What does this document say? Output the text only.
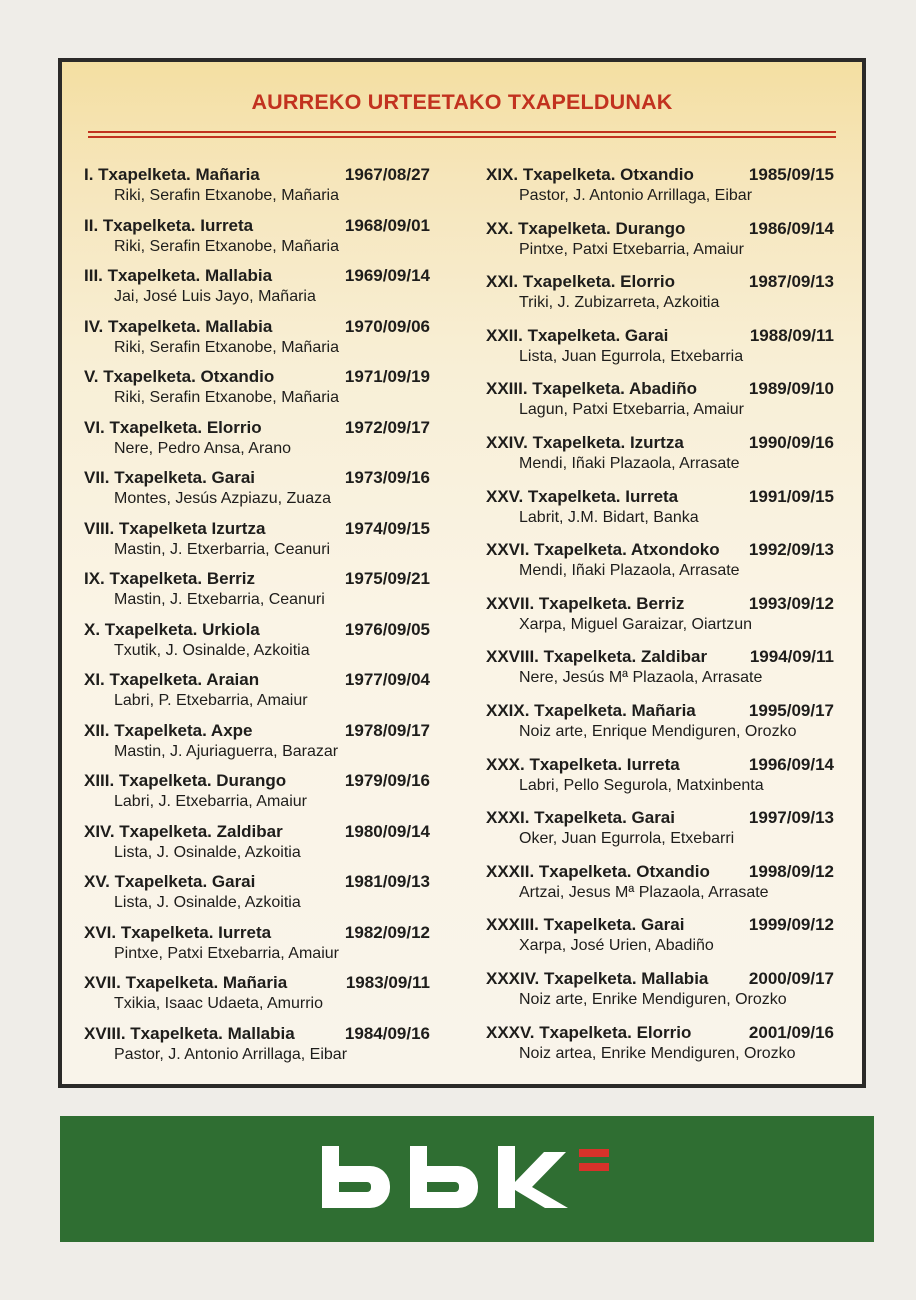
AURREKO URTEETAKO TXAPELDUNAK
I. Txapelketa. Mañaria	1967/08/27
Riki, Serafin Etxanobe, Mañaria
II. Txapelketa. Iurreta	1968/09/01
Riki, Serafin Etxanobe, Mañaria
III. Txapelketa. Mallabia	1969/09/14
Jai, José Luis Jayo, Mañaria
IV. Txapelketa. Mallabia	1970/09/06
Riki, Serafin Etxanobe, Mañaria
V. Txapelketa. Otxandio	1971/09/19
Riki, Serafin Etxanobe, Mañaria
VI. Txapelketa. Elorrio	1972/09/17
Nere, Pedro Ansa, Arano
VII. Txapelketa. Garai	1973/09/16
Montes, Jesús Azpiazu, Zuaza
VIII. Txapelketa Izurtza	1974/09/15
Mastin, J. Etxerbarria, Ceanuri
IX. Txapelketa. Berriz	1975/09/21
Mastin, J. Etxebarria, Ceanuri
X. Txapelketa. Urkiola	1976/09/05
Txutik, J. Osinalde, Azkoitia
XI. Txapelketa. Araian	1977/09/04
Labri, P. Etxebarria, Amaiur
XII. Txapelketa. Axpe	1978/09/17
Mastin, J. Ajuriaguerra, Barazar
XIII. Txapelketa. Durango	1979/09/16
Labri, J. Etxebarria, Amaiur
XIV. Txapelketa. Zaldibar	1980/09/14
Lista, J. Osinalde, Azkoitia
XV. Txapelketa. Garai	1981/09/13
Lista, J. Osinalde, Azkoitia
XVI. Txapelketa. Iurreta	1982/09/12
Pintxe, Patxi Etxebarria, Amaiur
XVII. Txapelketa. Mañaria	1983/09/11
Txikia, Isaac Udaeta, Amurrio
XVIII. Txapelketa. Mallabia	1984/09/16
Pastor, J. Antonio Arrillaga, Eibar
XIX. Txapelketa. Otxandio	1985/09/15
Pastor, J. Antonio Arrillaga, Eibar
XX. Txapelketa. Durango	1986/09/14
Pintxe, Patxi Etxebarria, Amaiur
XXI. Txapelketa. Elorrio	1987/09/13
Triki, J. Zubizarreta, Azkoitia
XXII. Txapelketa. Garai	1988/09/11
Lista, Juan Egurrola, Etxebarria
XXIII. Txapelketa. Abadiño	1989/09/10
Lagun, Patxi Etxebarria, Amaiur
XXIV. Txapelketa. Izurtza	1990/09/16
Mendi, Iñaki Plazaola, Arrasate
XXV. Txapelketa. Iurreta	1991/09/15
Labrit, J.M. Bidart, Banka
XXVI. Txapelketa. Atxondoko 1992/09/13
Mendi, Iñaki Plazaola, Arrasate
XXVII. Txapelketa. Berriz	1993/09/12
Xarpa, Miguel Garaizar, Oiartzun
XXVIII. Txapelketa. Zaldibar	1994/09/11
Nere, Jesús Mª Plazaola, Arrasate
XXIX. Txapelketa. Mañaria	1995/09/17
Noiz arte, Enrique Mendiguren, Orozko
XXX. Txapelketa. Iurreta	1996/09/14
Labri, Pello Segurola, Matxinbenta
XXXI. Txapelketa. Garai	1997/09/13
Oker, Juan Egurrola, Etxebarri
XXXII. Txapelketa. Otxandio 1998/09/12
Artzai, Jesus Mª Plazaola, Arrasate
XXXIII. Txapelketa. Garai	1999/09/12
Xarpa, José Urien, Abadiño
XXXIV. Txapelketa. Mallabia 2000/09/17
Noiz arte, Enrike Mendiguren, Orozko
XXXV. Txapelketa. Elorrio	2001/09/16
Noiz artea, Enrike Mendiguren, Orozko
